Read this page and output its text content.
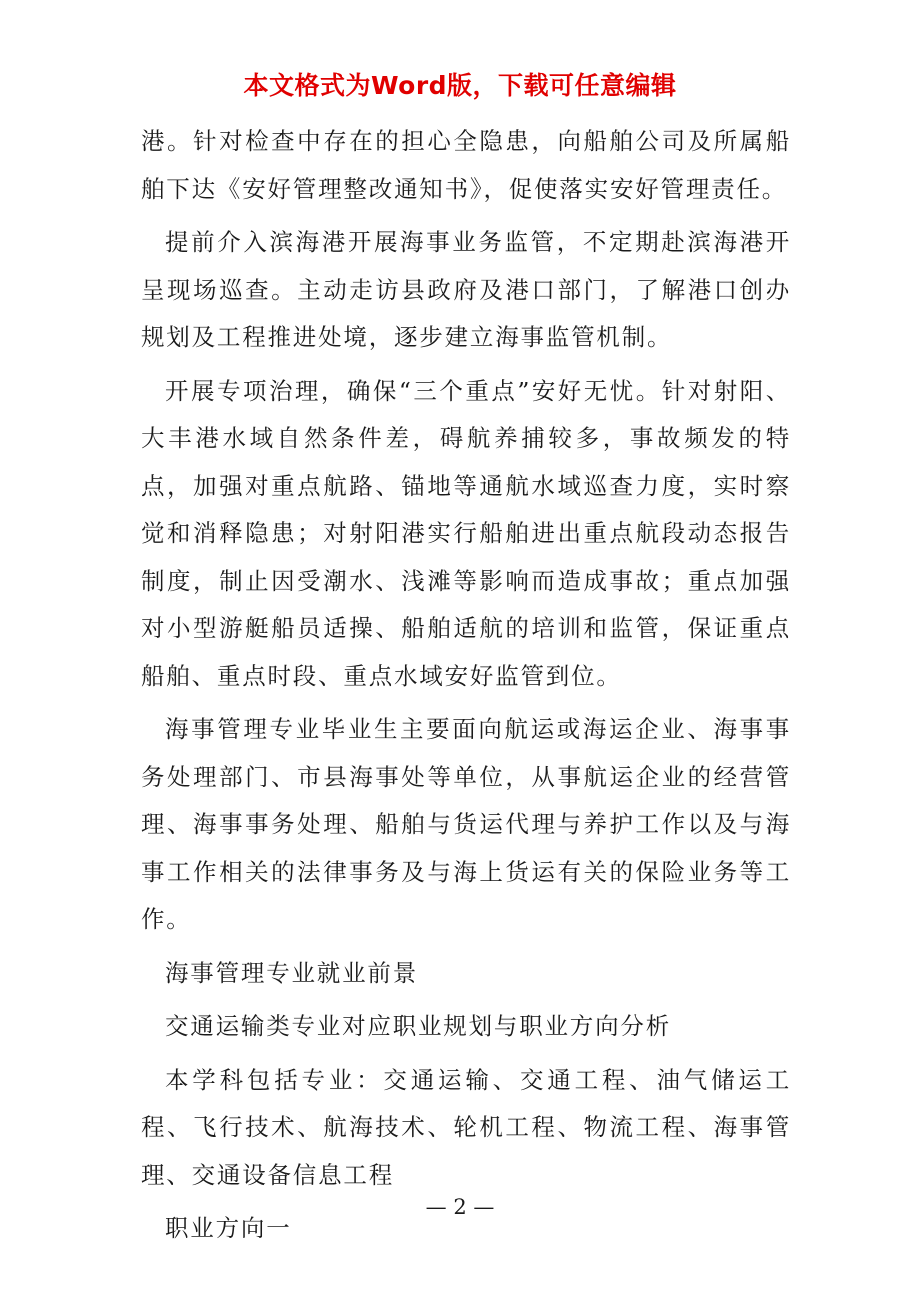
本文格式为Word版，下载可任意编辑

港。针对检查中存在的担心全隐患，向船舶公司及所属船舶下达《安好管理整改通知书》，促使落实安好管理责任。

提前介入滨海港开展海事业务监管，不定期赴滨海港开呈现场巡查。主动走访县政府及港口部门，了解港口创办规划及工程推进处境，逐步建立海事监管机制。

开展专项治理，确保“三个重点”安好无忧。针对射阳、大丰港水域自然条件差，碍航养捕较多，事故频发的特点，加强对重点航路、锚地等通航水域巡查力度，实时察觉和消释隐患；对射阳港实行船舶进出重点航段动态报告制度，制止因受潮水、浅滩等影响而造成事故；重点加强对小型游艇船员适操、船舶适航的培训和监管，保证重点船舶、重点时段、重点水域安好监管到位。

海事管理专业毕业生主要面向航运或海运企业、海事事务处理部门、市县海事处等单位，从事航运企业的经营管理、海事事务处理、船舶与货运代理与养护工作以及与海事工作相关的法律事务及与海上货运有关的保险业务等工作。

海事管理专业就业前景

交通运输类专业对应职业规划与职业方向分析

本学科包括专业：交通运输、交通工程、油气储运工程、飞行技术、航海技术、轮机工程、物流工程、海事管理、交通设备信息工程

职业方向一

— 2 —
